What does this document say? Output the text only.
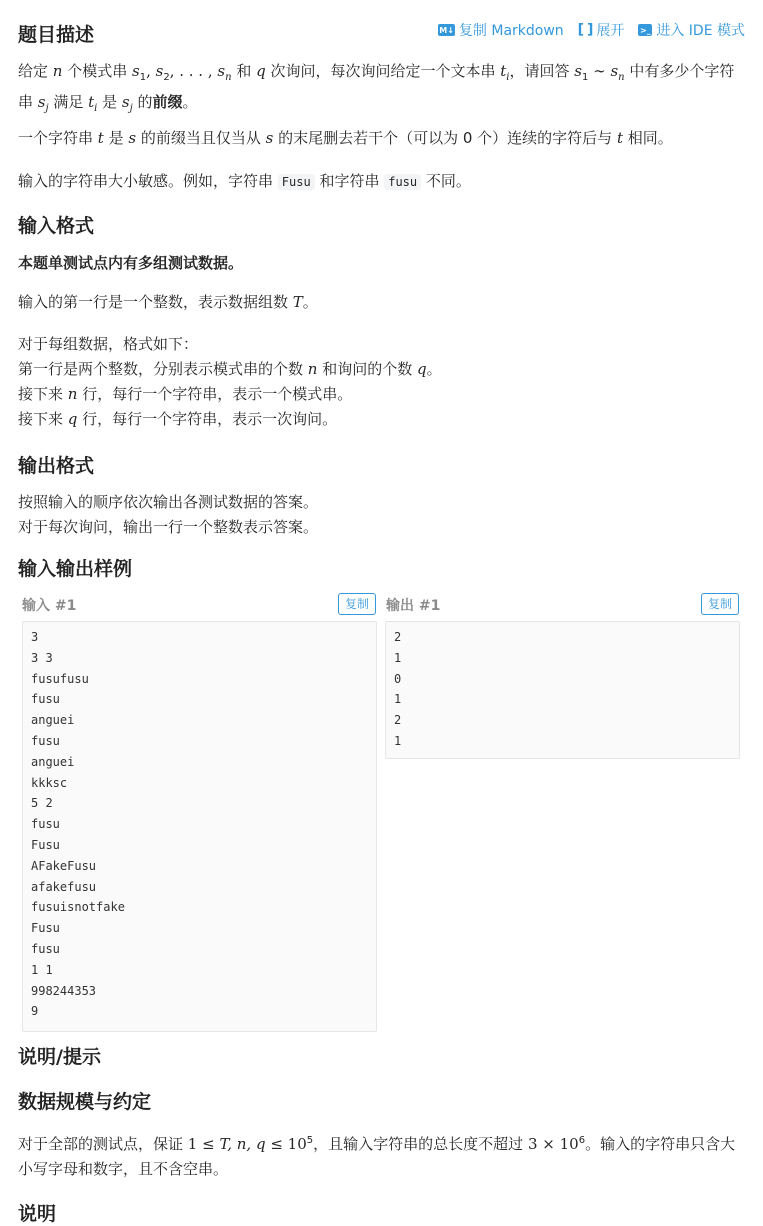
题目描述	M↓ 复制 Markdown [ ] 展开 >_ 进入 IDE 模式

给定 n 个模式串 $s_1$, $s_2$, . . . , $s_n$ 和 q 次询问，每次询问给定一个文本串 $t_i$，请回答 $s_1$ ∼ $s_n$ 中有多少个字符串 $s_j$ 满足 $t_i$ 是 $s_j$ 的前缀。

一个字符串 t 是 s 的前缀当且仅当从 s 的末尾删去若干个（可以为 0 个）连续的字符后与 t 相同。

输入的字符串大小敏感。例如，字符串 Fusu 和字符串 fusu 不同。

输入格式

本题单测试点内有多组测试数据。

输入的第一行是一个整数，表示数据组数 T。

对于每组数据，格式如下：
第一行是两个整数，分别表示模式串的个数 n 和询问的个数 q。
接下来 n 行，每行一个字符串，表示一个模式串。
接下来 q 行，每行一个字符串，表示一次询问。

输出格式

按照输入的顺序依次输出各测试数据的答案。
对于每次询问，输出一行一个整数表示答案。

输入输出样例
输入 #1	复制
3
3 3
fusufusu
fusu
anguei
fusu
anguei
kkksc
5 2
fusu
Fusu
AFakeFusu
afakefusu
fusuisnotfake
Fusu
fusu
1 1
998244353
9
输出 #1	复制
2
1
0
1
2
1
说明/提示
数据规模与约定

对于全部的测试点，保证 1 ≤ T, n, $q \le 10^5$，且输入字符串的总长度不超过 $3 \times 10^6$。输入的字符串只含大小写字母和数字，且不含空串。

说明
